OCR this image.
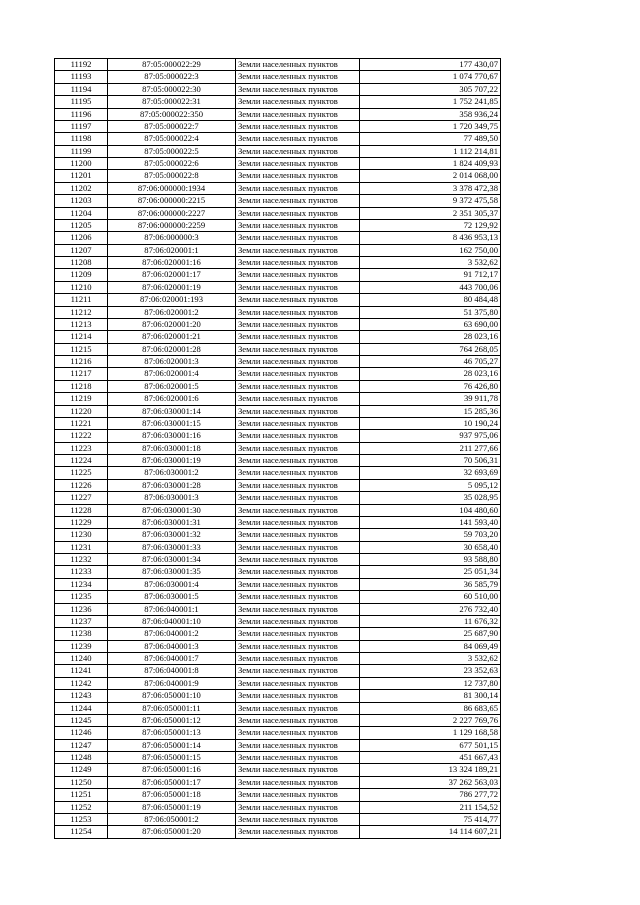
11192	87:05:000022:29	Земли населенных пунктов	177 430,07
11193	87:05:000022:3	Земли населенных пунктов	1 074 770,67
11194	87:05:000022:30	Земли населенных пунктов	305 707,22
11195	87:05:000022:31	Земли населенных пунктов	1 752 241,85
11196	87:05:000022:350	Земли населенных пунктов	358 936,24
11197	87:05:000022:7	Земли населенных пунктов	1 720 349,75
11198	87:05:000022:4	Земли населенных пунктов	77 489,50
11199	87:05:000022:5	Земли населенных пунктов	1 112 214,81
11200	87:05:000022:6	Земли населенных пунктов	1 824 409,93
11201	87:05:000022:8	Земли населенных пунктов	2 014 068,00
11202	87:06:000000:1934	Земли населенных пунктов	3 378 472,38
11203	87:06:000000:2215	Земли населенных пунктов	9 372 475,58
11204	87:06:000000:2227	Земли населенных пунктов	2 351 305,37
11205	87:06:000000:2259	Земли населенных пунктов	72 129,92
11206	87:06:000000:3	Земли населенных пунктов	8 436 953,13
11207	87:06:020001:1	Земли населенных пунктов	162 750,00
11208	87:06:020001:16	Земли населенных пунктов	3 532,62
11209	87:06:020001:17	Земли населенных пунктов	91 712,17
11210	87:06:020001:19	Земли населенных пунктов	443 700,06
11211	87:06:020001:193	Земли населенных пунктов	80 484,48
11212	87:06:020001:2	Земли населенных пунктов	51 375,80
11213	87:06:020001:20	Земли населенных пунктов	63 690,00
11214	87:06:020001:21	Земли населенных пунктов	28 023,16
11215	87:06:020001:28	Земли населенных пунктов	764 268,05
11216	87:06:020001:3	Земли населенных пунктов	46 705,27
11217	87:06:020001:4	Земли населенных пунктов	28 023,16
11218	87:06:020001:5	Земли населенных пунктов	76 426,80
11219	87:06:020001:6	Земли населенных пунктов	39 911,78
11220	87:06:030001:14	Земли населенных пунктов	15 285,36
11221	87:06:030001:15	Земли населенных пунктов	10 190,24
11222	87:06:030001:16	Земли населенных пунктов	937 975,06
11223	87:06:030001:18	Земли населенных пунктов	211 277,66
11224	87:06:030001:19	Земли населенных пунктов	70 506,31
11225	87:06:030001:2	Земли населенных пунктов	32 693,69
11226	87:06:030001:28	Земли населенных пунктов	5 095,12
11227	87:06:030001:3	Земли населенных пунктов	35 028,95
11228	87:06:030001:30	Земли населенных пунктов	104 480,60
11229	87:06:030001:31	Земли населенных пунктов	141 593,40
11230	87:06:030001:32	Земли населенных пунктов	59 703,20
11231	87:06:030001:33	Земли населенных пунктов	30 658,40
11232	87:06:030001:34	Земли населенных пунктов	93 588,80
11233	87:06:030001:35	Земли населенных пунктов	25 051,34
11234	87:06:030001:4	Земли населенных пунктов	36 585,79
11235	87:06:030001:5	Земли населенных пунктов	60 510,00
11236	87:06:040001:1	Земли населенных пунктов	276 732,40
11237	87:06:040001:10	Земли населенных пунктов	11 676,32
11238	87:06:040001:2	Земли населенных пунктов	25 687,90
11239	87:06:040001:3	Земли населенных пунктов	84 069,49
11240	87:06:040001:7	Земли населенных пунктов	3 532,62
11241	87:06:040001:8	Земли населенных пунктов	23 352,63
11242	87:06:040001:9	Земли населенных пунктов	12 737,80
11243	87:06:050001:10	Земли населенных пунктов	81 300,14
11244	87:06:050001:11	Земли населенных пунктов	86 683,65
11245	87:06:050001:12	Земли населенных пунктов	2 227 769,76
11246	87:06:050001:13	Земли населенных пунктов	1 129 168,58
11247	87:06:050001:14	Земли населенных пунктов	677 501,15
11248	87:06:050001:15	Земли населенных пунктов	451 667,43
11249	87:06:050001:16	Земли населенных пунктов	13 324 189,21
11250	87:06:050001:17	Земли населенных пунктов	37 262 563,03
11251	87:06:050001:18	Земли населенных пунктов	786 277,72
11252	87:06:050001:19	Земли населенных пунктов	211 154,52
11253	87:06:050001:2	Земли населенных пунктов	75 414,77
11254	87:06:050001:20	Земли населенных пунктов	14 114 607,21
